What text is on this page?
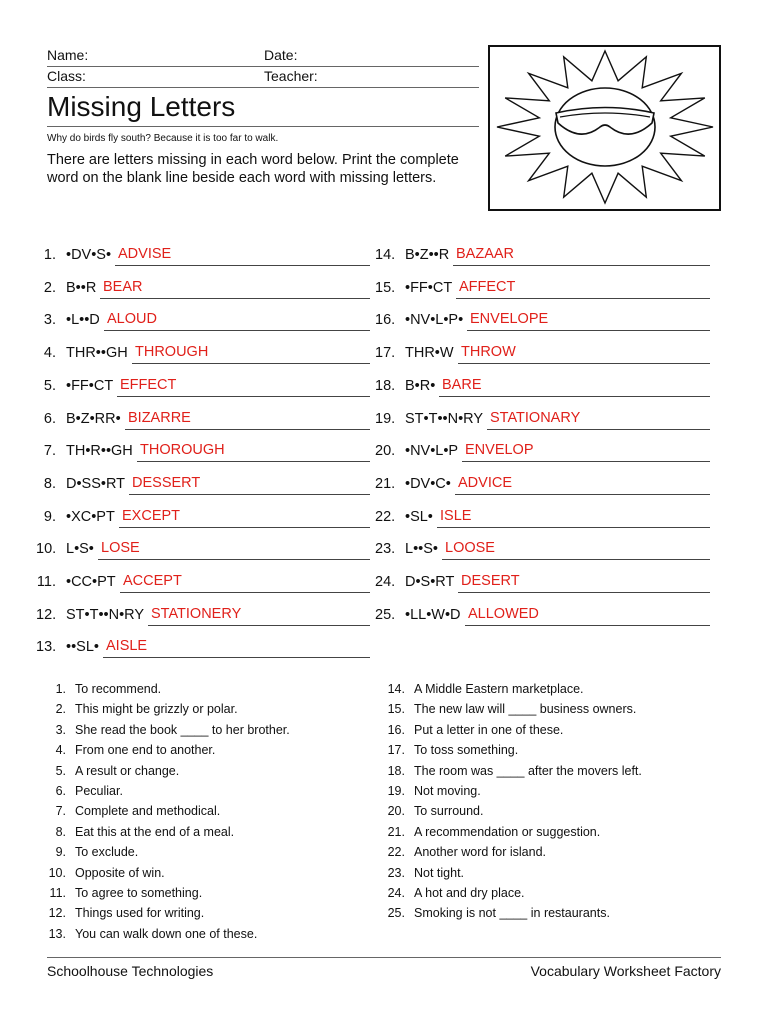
Name:	Date:
Class:	Teacher:
Missing Letters
Why do birds fly south? Because it is too far to walk.
There are letters missing in each word below. Print the complete word on the blank line beside each word with missing letters.
1. •DV•S• ADVISE
2. B••R BEAR
3. •L••D ALOUD
4. THR••GH THROUGH
5. •FF•CT EFFECT
6. B•Z•RR• BIZARRE
7. TH•R••GH THOROUGH
8. D•SS•RT DESSERT
9. •XC•PT EXCEPT
10. L•S• LOSE
11. •CC•PT ACCEPT
12. ST•T••N•RY STATIONERY
13. ••SL• AISLE
14. B•Z••R BAZAAR
15. •FF•CT AFFECT
16. •NV•L•P• ENVELOPE
17. THR•W THROW
18. B•R• BARE
19. ST•T••N•RY STATIONARY
20. •NV•L•P ENVELOP
21. •DV•C• ADVICE
22. •SL• ISLE
23. L••S• LOOSE
24. D•S•RT DESERT
25. •LL•W•D ALLOWED
1. To recommend.
2. This might be grizzly or polar.
3. She read the book ____ to her brother.
4. From one end to another.
5. A result or change.
6. Peculiar.
7. Complete and methodical.
8. Eat this at the end of a meal.
9. To exclude.
10. Opposite of win.
11. To agree to something.
12. Things used for writing.
13. You can walk down one of these.
14. A Middle Eastern marketplace.
15. The new law will ____ business owners.
16. Put a letter in one of these.
17. To toss something.
18. The room was ____ after the movers left.
19. Not moving.
20. To surround.
21. A recommendation or suggestion.
22. Another word for island.
23. Not tight.
24. A hot and dry place.
25. Smoking is not ____ in restaurants.
Schoolhouse Technologies	Vocabulary Worksheet Factory
